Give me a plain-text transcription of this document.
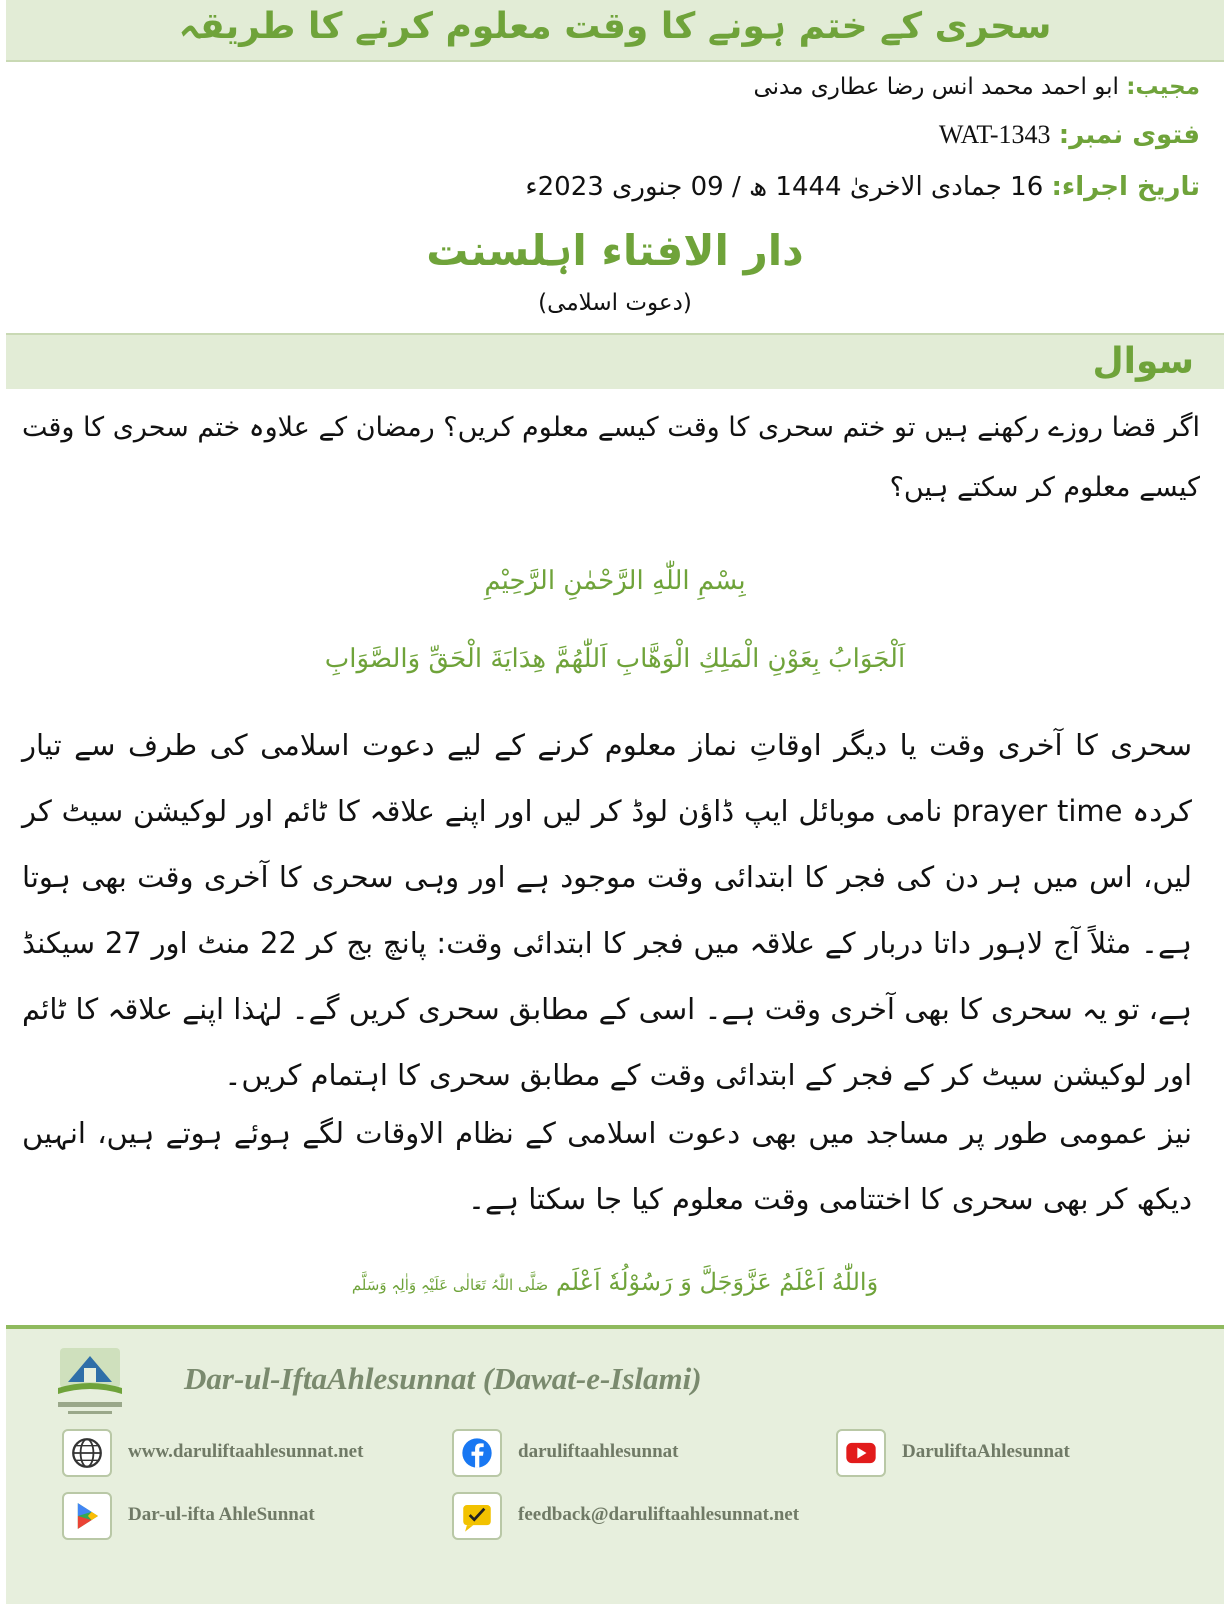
سحری کے ختم ہونے کا وقت معلوم کرنے کا طریقہ
مجیب: ابو احمد محمد انس رضا عطاری مدنی
فتوی نمبر: WAT-1343
تاریخ اجراء: 16 جمادی الاخریٰ 1444 ھ / 09 جنوری 2023ء
دار الافتاء اہلسنت
(دعوت اسلامی)
سوال
اگر قضا روزے رکھنے ہیں تو ختم سحری کا وقت کیسے معلوم کریں؟ رمضان کے علاوہ ختم سحری کا وقت کیسے معلوم کر سکتے ہیں؟
بِسْمِ اللّٰهِ الرَّحْمٰنِ الرَّحِيْمِ
اَلْجَوَابُ بِعَوْنِ الْمَلِكِ الْوَهَّابِ اَللّٰهُمَّ هِدَايَةَ الْحَقِّ وَالصَّوَابِ
سحری کا آخری وقت یا دیگر اوقاتِ نماز معلوم کرنے کے لیے دعوت اسلامی کی طرف سے تیار کردہ prayer time نامی موبائل ایپ ڈاؤن لوڈ کر لیں اور اپنے علاقہ کا ٹائم اور لوکیشن سیٹ کر لیں، اس میں ہر دن کی فجر کا ابتدائی وقت موجود ہے اور وہی سحری کا آخری وقت بھی ہوتا ہے۔ مثلاً آج لاہور داتا دربار کے علاقہ میں فجر کا ابتدائی وقت: پانچ بج کر 22 منٹ اور 27 سیکنڈ ہے، تو یہ سحری کا بھی آخری وقت ہے۔ اسی کے مطابق سحری کریں گے۔ لہٰذا اپنے علاقہ کا ٹائم اور لوکیشن سیٹ کر کے فجر کے ابتدائی وقت کے مطابق سحری کا اہتمام کریں۔
نیز عمومی طور پر مساجد میں بھی دعوت اسلامی کے نظام الاوقات لگے ہوئے ہوتے ہیں، انہیں دیکھ کر بھی سحری کا اختتامی وقت معلوم کیا جا سکتا ہے۔
وَاللّٰهُ اَعْلَمُ عَزَّوَجَلَّ وَ رَسُوْلُهٗ اَعْلَم صَلَّی اللّٰہُ تَعَالٰی عَلَیْہِ وَاٰلِہٖ وَسَلَّم
Dar-ul-IftaAhlesunnat (Dawat-e-Islami)
www.daruliftaahlesunnat.net	daruliftaahlesunnat	DaruliftaAhlesunnat
Dar-ul-ifta AhleSunnat	feedback@daruliftaahlesunnat.net
